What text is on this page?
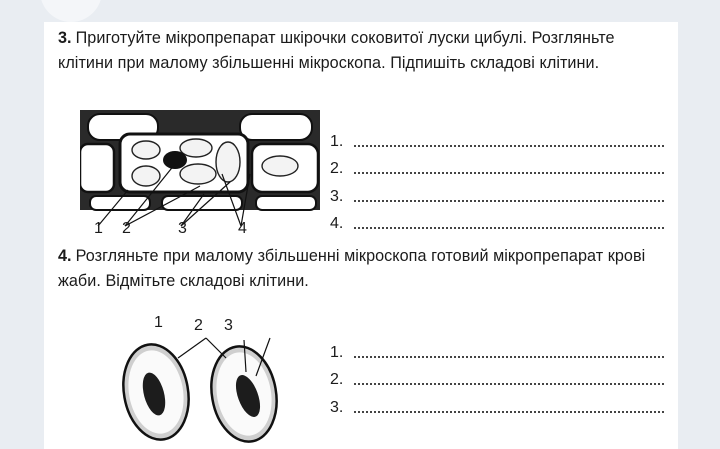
3. Приготуйте мікропрепарат шкірочки соковитої луски цибулі. Розгляньте клітини при малому збільшенні мікроскопа. Підпишіть складові клітини.
1 2	3	4
1.
2.
3.
4.
4. Розгляньте при малому збільшенні мікроскопа готовий мікропрепарат крові жаби. Відмітьте складові клітини.
1 2 3
1.
2.
3.
